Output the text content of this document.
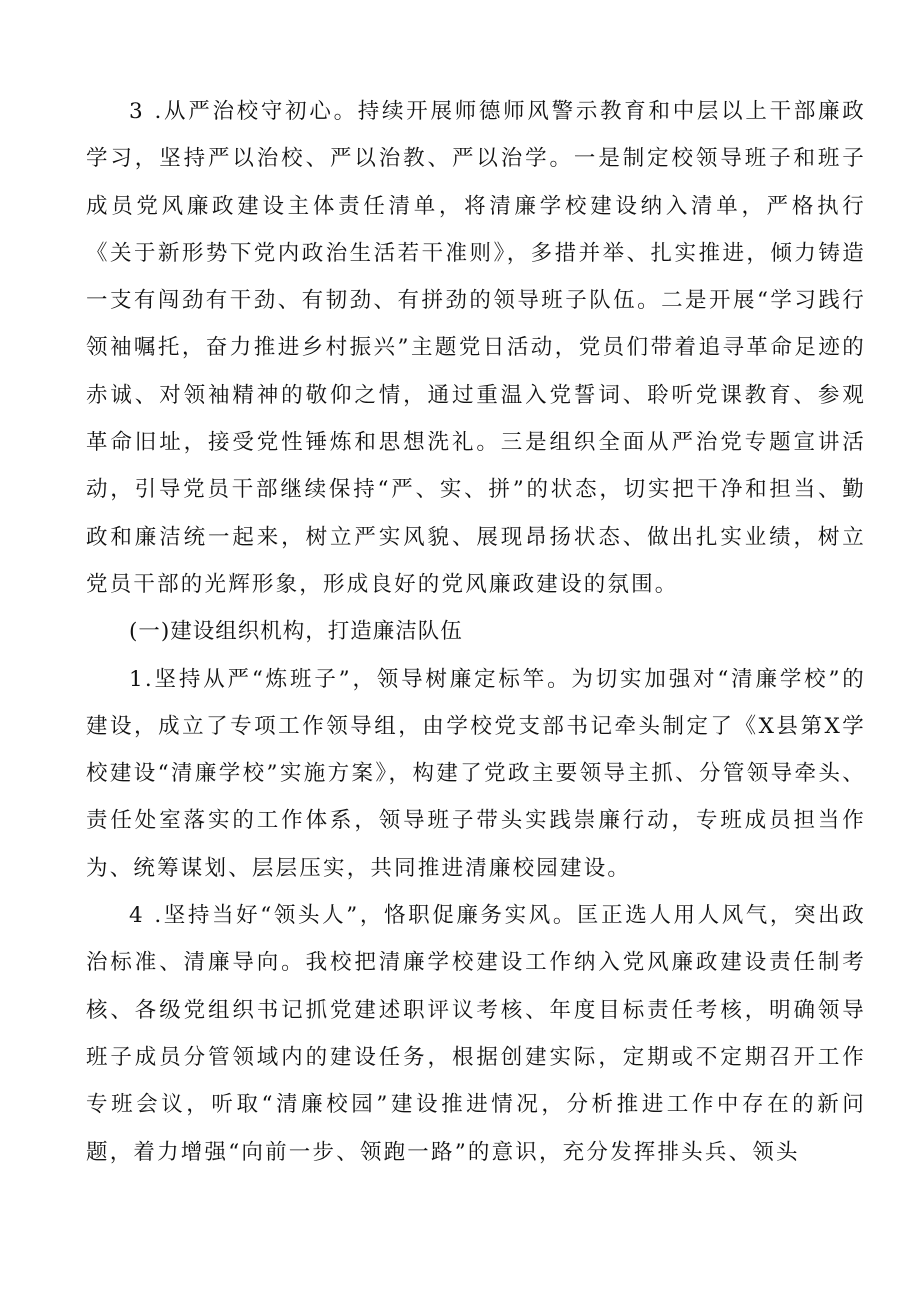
3 .从严治校守初心。持续开展师德师风警示教育和中层以上干部廉政学习，坚持严以治校、严以治教、严以治学。一是制定校领导班子和班子成员党风廉政建设主体责任清单，将清廉学校建设纳入清单，严格执行《关于新形势下党内政治生活若干准则》，多措并举、扎实推进，倾力铸造一支有闯劲有干劲、有韧劲、有拼劲的领导班子队伍。二是开展“学习践行领袖嘱托，奋力推进乡村振兴”主题党日活动，党员们带着追寻革命足迹的赤诚、对领袖精神的敬仰之情，通过重温入党誓词、聆听党课教育、参观革命旧址，接受党性锤炼和思想洗礼。三是组织全面从严治党专题宣讲活动，引导党员干部继续保持“严、实、拼”的状态，切实把干净和担当、勤政和廉洁统一起来，树立严实风貌、展现昂扬状态、做出扎实业绩，树立党员干部的光辉形象，形成良好的党风廉政建设的氛围。

(一)建设组织机构，打造廉洁队伍

1.坚持从严“炼班子”，领导树廉定标竿。为切实加强对“清廉学校”的建设，成立了专项工作领导组，由学校党支部书记牵头制定了《X县第X学校建设“清廉学校”实施方案》，构建了党政主要领导主抓、分管领导牵头、责任处室落实的工作体系，领导班子带头实践崇廉行动，专班成员担当作为、统筹谋划、层层压实，共同推进清廉校园建设。

4 .坚持当好“领头人”，恪职促廉务实风。匡正选人用人风气，突出政治标准、清廉导向。我校把清廉学校建设工作纳入党风廉政建设责任制考核、各级党组织书记抓党建述职评议考核、年度目标责任考核，明确领导班子成员分管领域内的建设任务，根据创建实际，定期或不定期召开工作专班会议，听取“清廉校园”建设推进情况，分析推进工作中存在的新问题，着力增强“向前一步、领跑一路”的意识，充分发挥排头兵、领头
